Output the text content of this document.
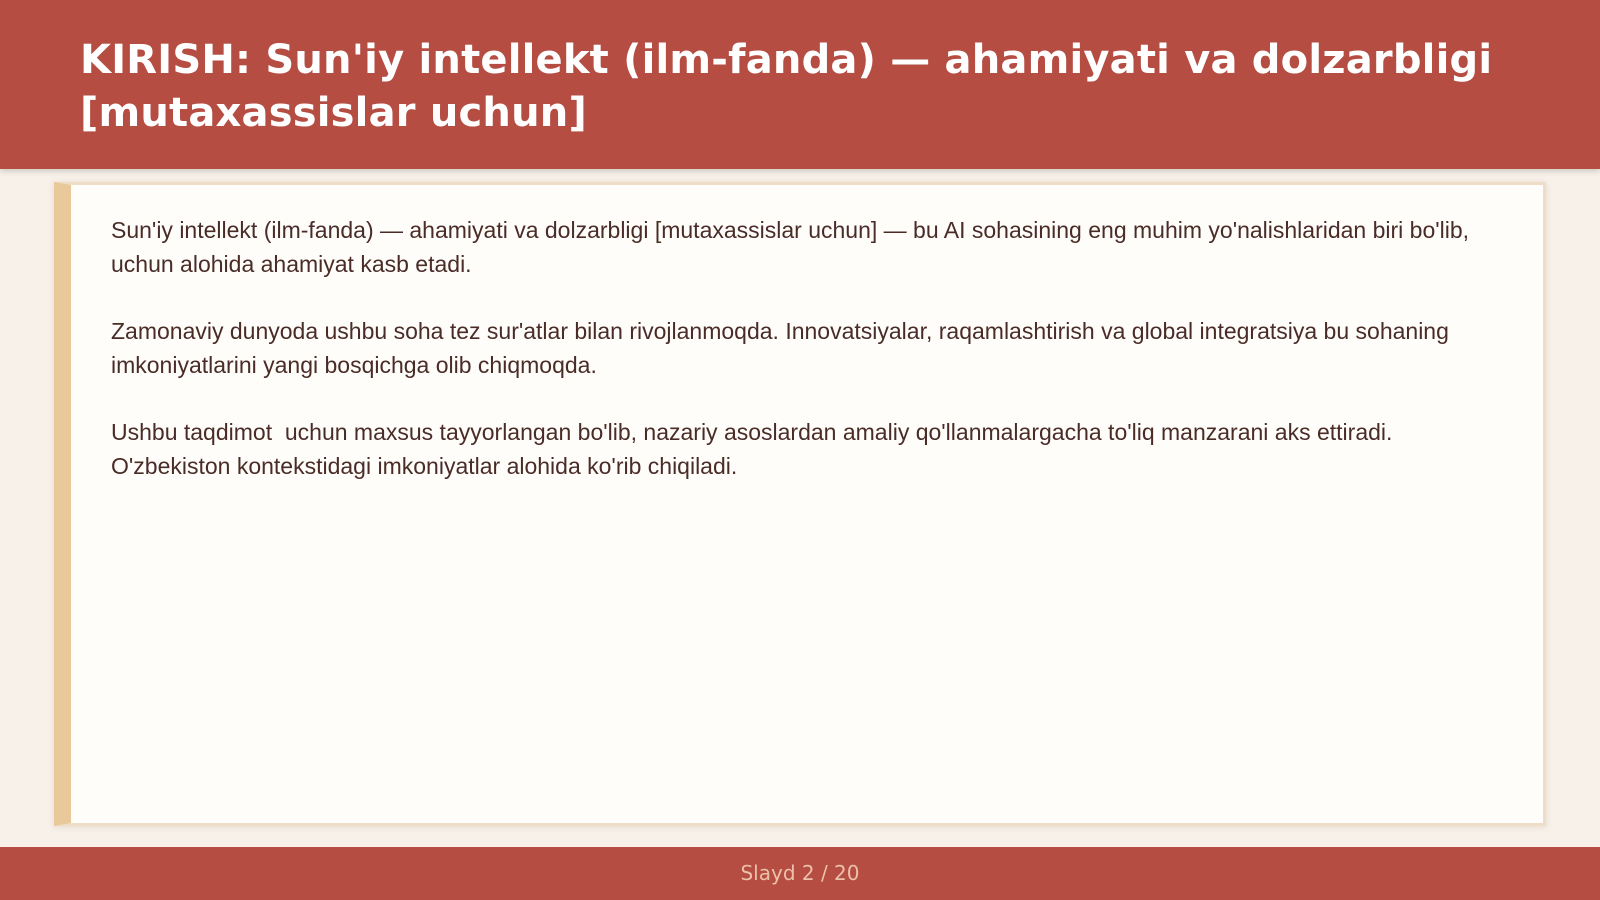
KIRISH: Sun'iy intellekt (ilm-fanda) — ahamiyati va dolzarbligi [mutaxassislar uchun]

Sun'iy intellekt (ilm-fanda) — ahamiyati va dolzarbligi [mutaxassislar uchun] — bu AI sohasining eng muhim yo'nalishlaridan biri bo'lib,  uchun alohida ahamiyat kasb etadi.

Zamonaviy dunyoda ushbu soha tez sur'atlar bilan rivojlanmoqda. Innovatsiyalar, raqamlashtirish va global integratsiya bu sohaning imkoniyatlarini yangi bosqichga olib chiqmoqda.

Ushbu taqdimot  uchun maxsus tayyorlangan bo'lib, nazariy asoslardan amaliy qo'llanmalargacha to'liq manzarani aks ettiradi. O'zbekiston kontekstidagi imkoniyatlar alohida ko'rib chiqiladi.

Slayd 2 / 20
